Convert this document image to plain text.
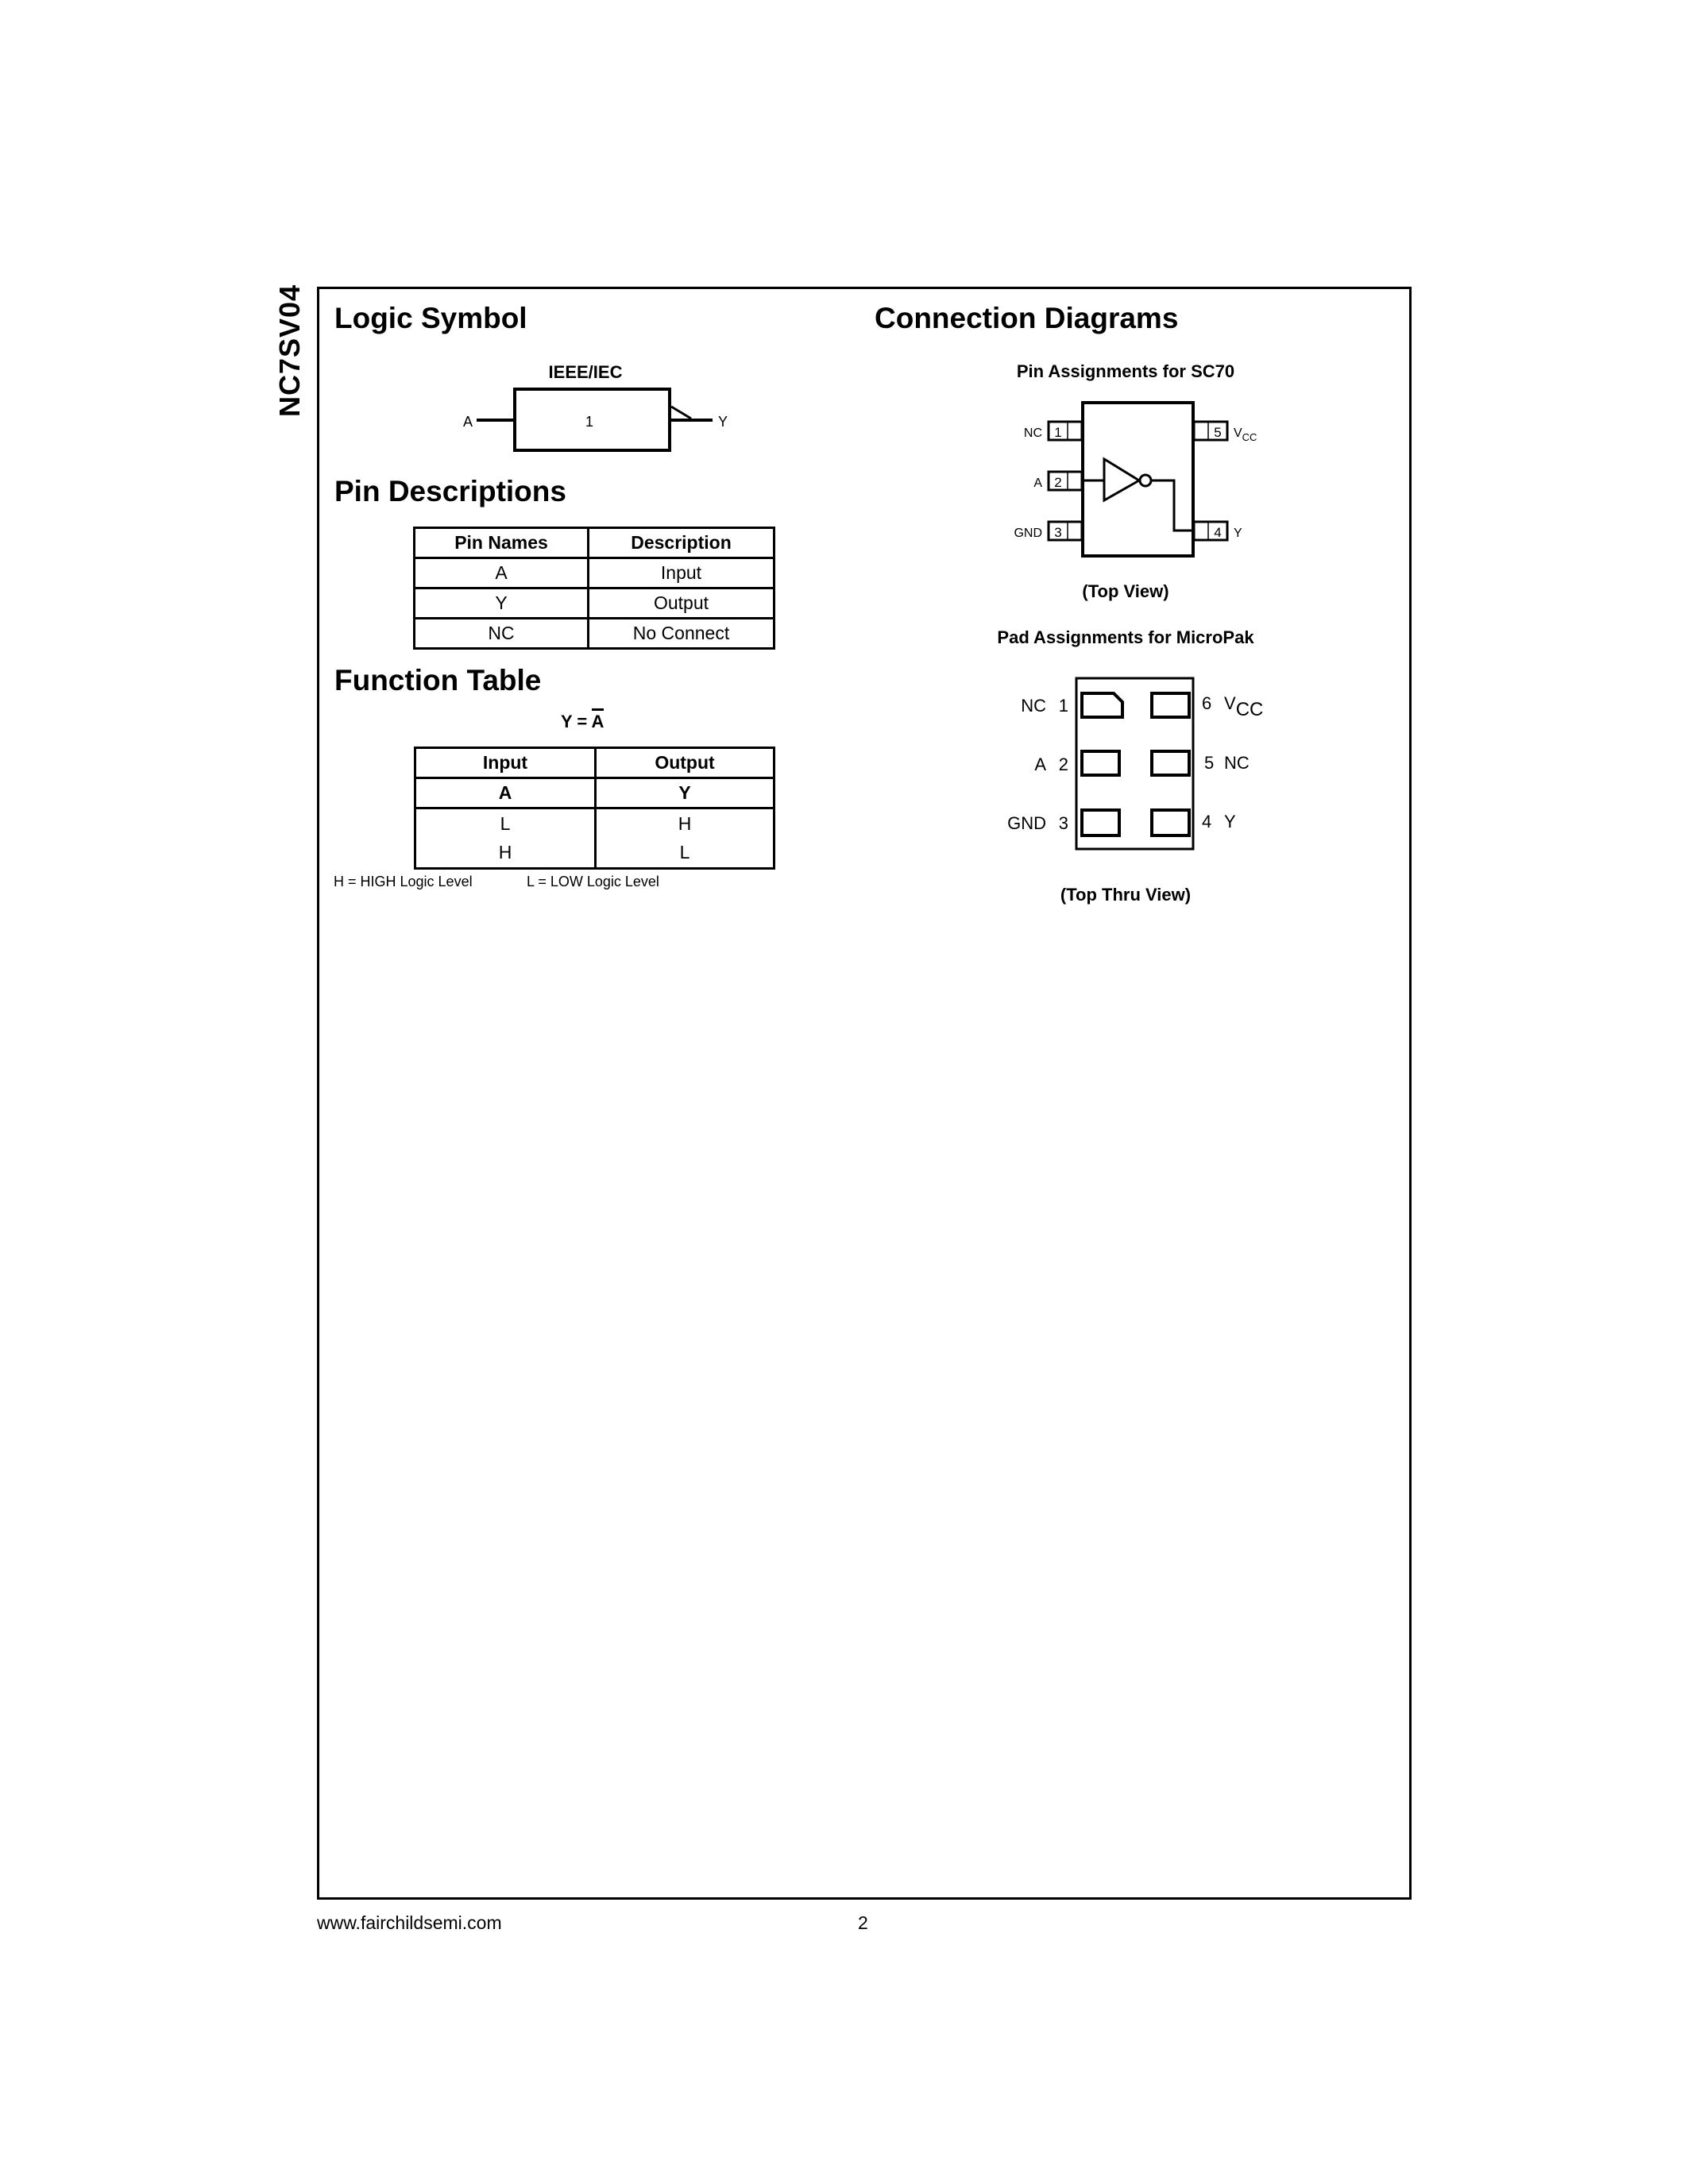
NC7SV04 Logic Symbol
IEEE/IEC
A	1	Y
Pin Descriptions
Pin Names	Description
A	Input
Y	Output
NC	No Connect
Function Table
Y = A
Input	Output
A	Y
L	H
H	L
H = HIGH Logic Level	L = LOW Logic Level
Connection Diagrams
Pin Assignments for SC70
1
NC
2
A
3
GND
5 $V_{CC}$
4 Y
(Top View)
Pad Assignments for MicroPak
1
NC
2
A
3
GND
6 VCC
5 NC
4 Y
(Top Thru View)
www.fairchildsemi.com	2
